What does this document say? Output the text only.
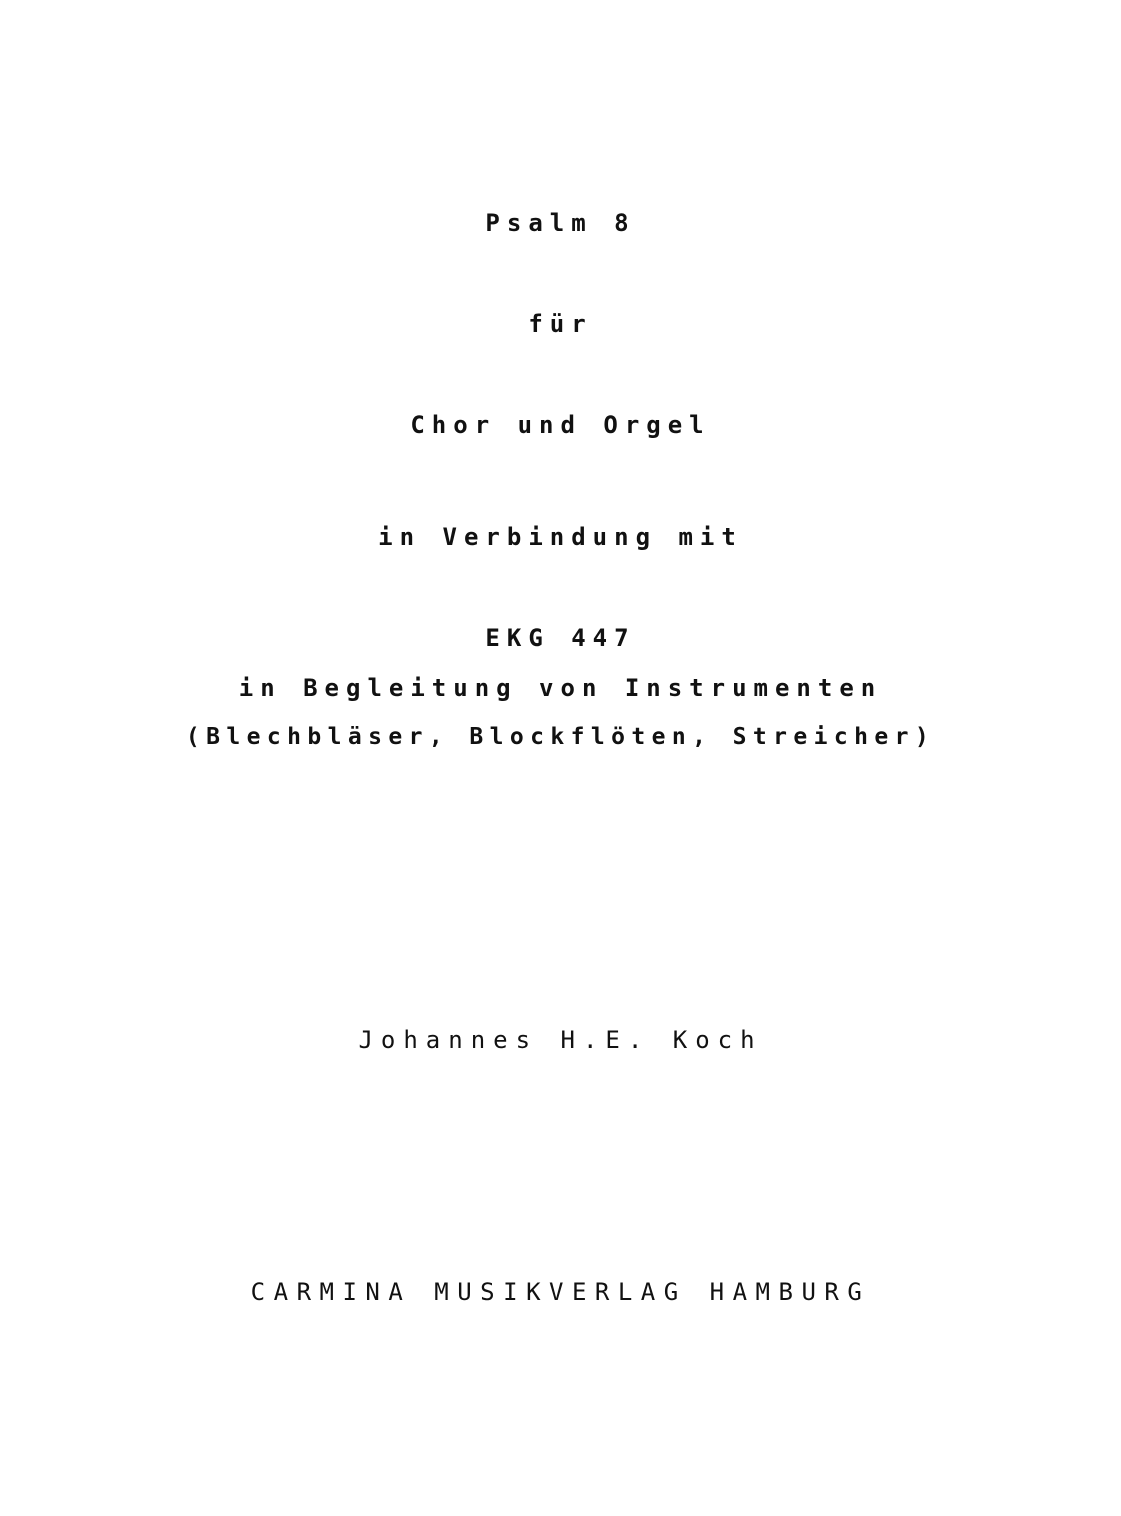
Psalm 8
für
Chor und Orgel
in Verbindung mit
EKG 447
in Begleitung von Instrumenten
(Blechbläser, Blockflöten, Streicher)
Johannes H.E. Koch
CARMINA MUSIKVERLAG HAMBURG
